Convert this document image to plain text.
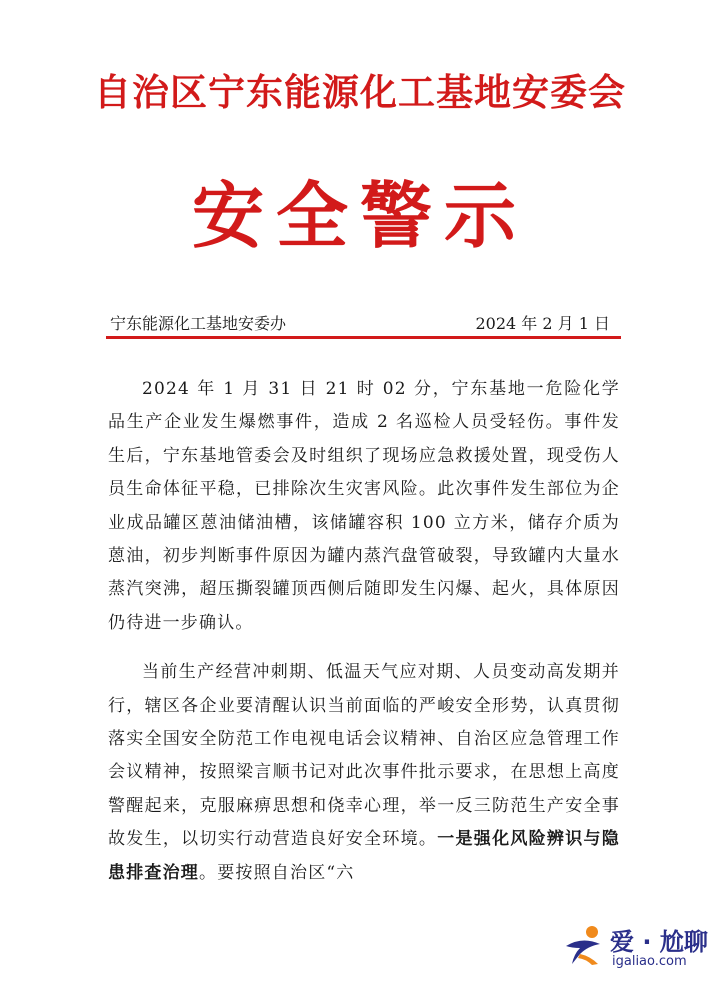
自治区宁东能源化工基地安委会
安全警示
宁东能源化工基地安委办	2024 年 2 月 1 日

2024 年 1 月 31 日 21 时 02 分，宁东基地一危险化学品生产企业发生爆燃事件，造成 2 名巡检人员受轻伤。事件发生后，宁东基地管委会及时组织了现场应急救援处置，现受伤人员生命体征平稳，已排除次生灾害风险。此次事件发生部位为企业成品罐区蒽油储油槽，该储罐容积 100 立方米，储存介质为蒽油，初步判断事件原因为罐内蒸汽盘管破裂，导致罐内大量水蒸汽突沸，超压撕裂罐顶西侧后随即发生闪爆、起火，具体原因仍待进一步确认。

当前生产经营冲刺期、低温天气应对期、人员变动高发期并行，辖区各企业要清醒认识当前面临的严峻安全形势，认真贯彻落实全国安全防范工作电视电话会议精神、自治区应急管理工作会议精神，按照梁言顺书记对此次事件批示要求，在思想上高度警醒起来，克服麻痹思想和侥幸心理，举一反三防范生产安全事故发生，以切实行动营造良好安全环境。一是强化风险辨识与隐患排查治理。要按照自治区“六

爱 · 尬聊
igaliao.com
